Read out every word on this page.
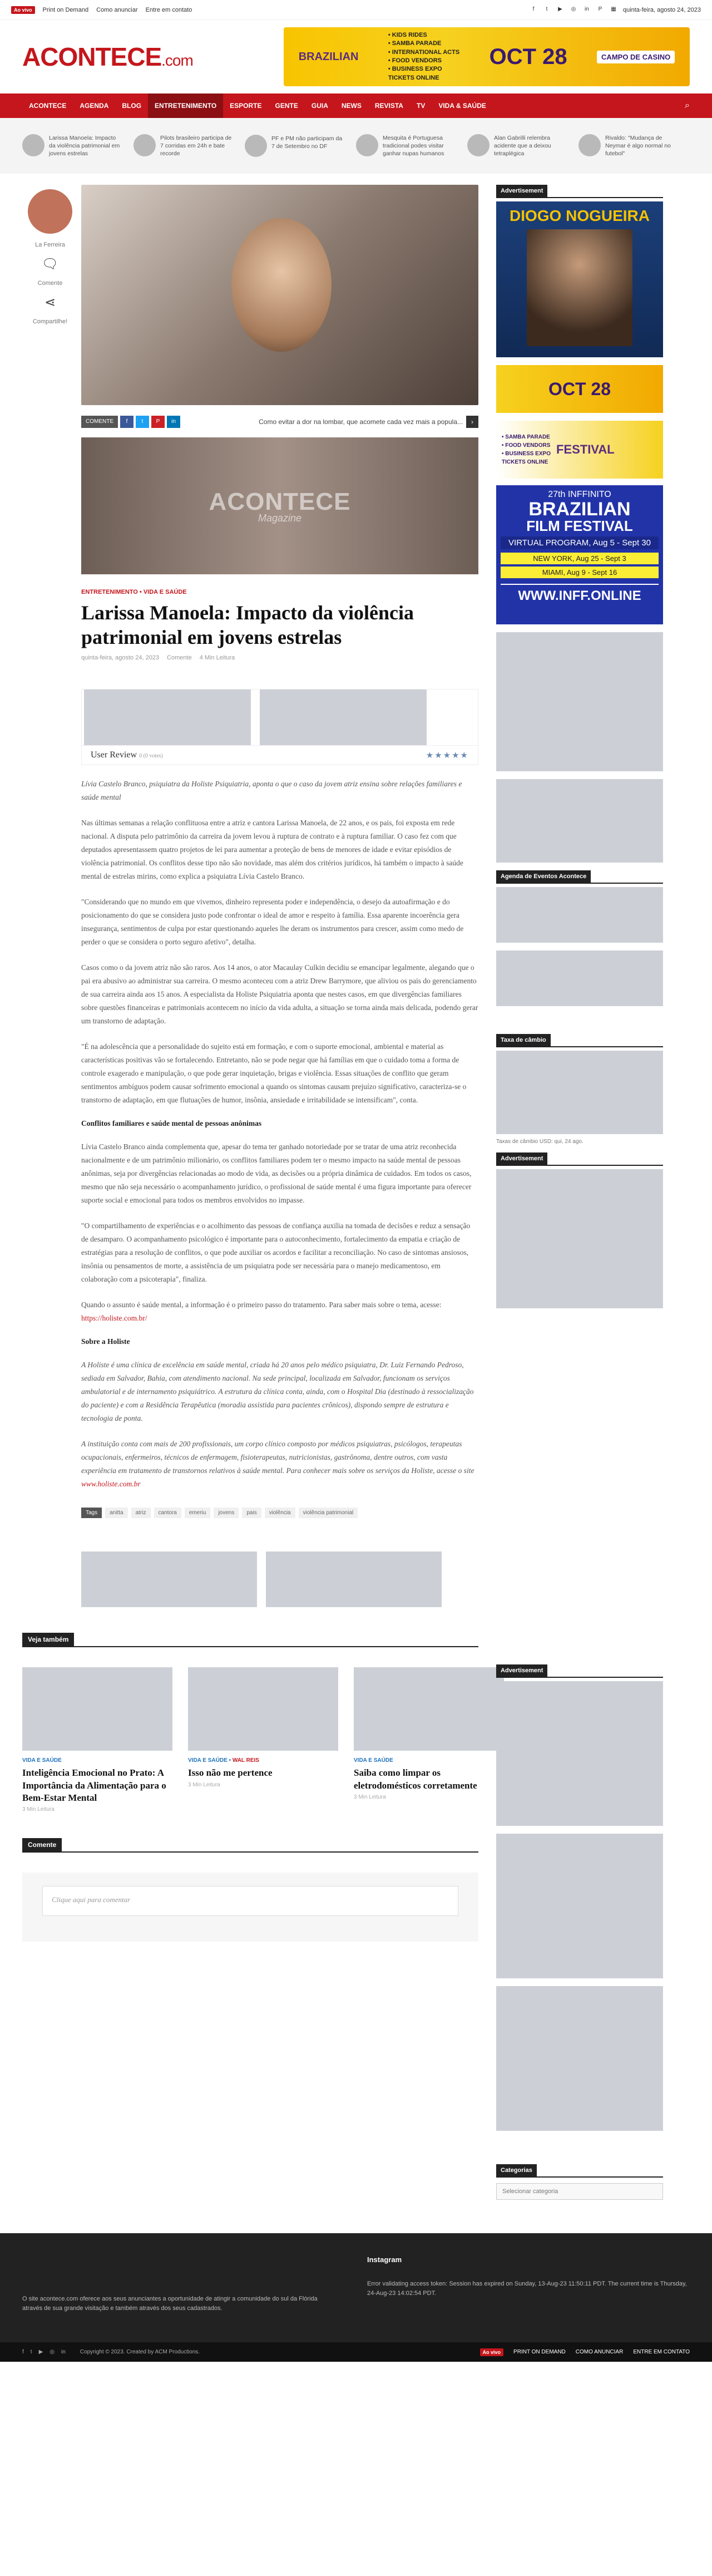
Ao vivo	Print on Demand Como anunciar Entre em contato	f	t	▶	◎	in	P	▦ quinta-feira, agosto 24, 2023
ACONTECE.com	BRAZILIAN
• KIDS RIDES
• SAMBA PARADE
• INTERNATIONAL ACTS
• FOOD VENDORS
• BUSINESS EXPO
TICKETS ONLINE
OCT 28	CAMPO DE CASINO
ACONTECE	AGENDA	BLOG	ENTRETENIMENTO	ESPORTE	GENTE	GUIA	NEWS	REVISTA	TV	VIDA & SAÚDE	⌕
Larissa Manoela: Impacto da violência patrimonial em jovens estrelas
Pilots brasileiro participa de 7 corridas em 24h e bate recorde
PF e PM não participam da 7 de Setembro no DF
Mesquita é Portuguesa tradicional podes visitar ganhar nupas humanos
Alan Gabrilli relembra acidente que a deixou tetraplégica
Rivaldo: "Mudança de Neymar é algo normal no futebol"
La Ferreira
🗨
Comente
⋖
Compartilhe!
COMENTE	f	t	P	in	Como evitar a dor na lombar, que acomete cada vez mais a popula...	›
ACONTECE
Magazine
ENTRETENIMENTO • VIDA E SAÚDE
Larissa Manoela: Impacto da violência patrimonial em jovens estrelas
quinta-feira, agosto 24, 2023 Comente 4 Min Leitura
User Review 0 (0 votes)	★★★★★

Lívia Castelo Branco, psiquiatra da Holiste Psiquiatria, aponta o que o caso da jovem atriz ensina sobre relações familiares e saúde mental

Nas últimas semanas a relação conflituosa entre a atriz e cantora Larissa Manoela, de 22 anos, e os pais, foi exposta em rede nacional. A disputa pelo patrimônio da carreira da jovem levou à ruptura de contrato e à ruptura familiar. O caso fez com que deputados apresentassem quatro projetos de lei para aumentar a proteção de bens de menores de idade e evitar episódios de violência patrimonial. Os conflitos desse tipo não são novidade, mas além dos critérios jurídicos, há também o impacto à saúde mental de estrelas mirins, como explica a psiquiatra Lívia Castelo Branco.

"Considerando que no mundo em que vivemos, dinheiro representa poder e independência, o desejo da autoafirmação e do posicionamento do que se considera justo pode confrontar o ideal de amor e respeito à família. Essa aparente incoerência gera insegurança, sentimentos de culpa por estar questionando aqueles lhe deram os instrumentos para crescer, assim como medo de perder o que se considera o porto seguro afetivo", detalha.

Casos como o da jovem atriz não são raros. Aos 14 anos, o ator Macaulay Culkin decidiu se emancipar legalmente, alegando que o pai era abusivo ao administrar sua carreira. O mesmo aconteceu com a atriz Drew Barrymore, que aliviou os pais do gerenciamento de sua carreira ainda aos 15 anos. A especialista da Holiste Psiquiatria aponta que nestes casos, em que divergências familiares sobre questões financeiras e patrimoniais acontecem no início da vida adulta, a situação se torna ainda mais delicada, podendo gerar um transtorno de adaptação.

"É na adolescência que a personalidade do sujeito está em formação, e com o suporte emocional, ambiental e material as características positivas vão se fortalecendo. Entretanto, não se pode negar que há famílias em que o cuidado toma a forma de controle exagerado e manipulação, o que pode gerar inquietação, brigas e violência. Essas situações de conflito que geram sentimentos ambíguos podem causar sofrimento emocional a quando os sintomas causam prejuízo significativo, caracteriza-se o transtorno de adaptação, em que flutuações de humor, insônia, ansiedade e irritabilidade se intensificam", conta.

Conflitos familiares e saúde mental de pessoas anônimas

Lívia Castelo Branco ainda complementa que, apesar do tema ter ganhado notoriedade por se tratar de uma atriz reconhecida nacionalmente e de um patrimônio milionário, os conflitos familiares podem ter o mesmo impacto na saúde mental de pessoas anônimas, seja por divergências relacionadas ao modo de vida, as decisões ou a própria dinâmica de cuidados. Em todos os casos, mesmo que não seja necessário o acompanhamento jurídico, o profissional de saúde mental é uma figura importante para oferecer suporte social e emocional para todos os membros envolvidos no impasse.

"O compartilhamento de experiências e o acolhimento das pessoas de confiança auxilia na tomada de decisões e reduz a sensação de desamparo. O acompanhamento psicológico é importante para o autoconhecimento, fortalecimento da empatia e criação de estratégias para a resolução de conflitos, o que pode auxiliar os acordos e facilitar a reconciliação. No caso de sintomas ansiosos, insônia ou pensamentos de morte, a assistência de um psiquiatra pode ser necessária para o manejo medicamentoso, em colaboração com a psicoterapia", finaliza.

Quando o assunto é saúde mental, a informação é o primeiro passo do tratamento. Para saber mais sobre o tema, acesse: https://holiste.com.br/

Sobre a Holiste

A Holiste é uma clínica de excelência em saúde mental, criada há 20 anos pelo médico psiquiatra, Dr. Luiz Fernando Pedroso, sediada em Salvador, Bahia, com atendimento nacional. Na sede principal, localizada em Salvador, funcionam os serviços ambulatorial e de internamento psiquiátrico. A estrutura da clínica conta, ainda, com o Hospital Dia (destinado à ressocialização do paciente) e com a Residência Terapêutica (moradia assistida para pacientes crônicos), dispondo sempre de estrutura e tecnologia de ponta.

A instituição conta com mais de 200 profissionais, um corpo clínico composto por médicos psiquiatras, psicólogos, terapeutas ocupacionais, enfermeiros, técnicos de enfermagem, fisioterapeutas, nutricionistas, gastrônoma, dentre outros, com vasta experiência em tratamento de transtornos relativos à saúde mental. Para conhecer mais sobre os serviços da Holiste, acesse o site www.holiste.com.br

Tags	anitta	atriz	cantora	emeriu	jovens	pais	violência	violência patrimonial
Veja também
VIDA E SAÚDE
Inteligência Emocional no Prato: A Importância da Alimentação para o Bem-Estar Mental
3 Min Leitura
VIDA E SAÚDE • WAL REIS
Isso não me pertence
3 Min Leitura
VIDA E SAÚDE
Saiba como limpar os eletrodomésticos corretamente
3 Min Leitura
Comente
Clique aqui para comentar
Advertisement
DIOGO NOGUEIRA
OCT 28
• SAMBA PARADE
• FOOD VENDORS
• BUSINESS EXPO
TICKETS ONLINE
FESTIVAL
27th INFFINITO
BRAZILIAN
FILM FESTIVAL
VIRTUAL PROGRAM, Aug 5 - Sept 30
NEW YORK, Aug 25 - Sept 3
MIAMI, Aug 9 - Sept 16
WWW.INFF.ONLINE
Agenda de Eventos Acontece
Taxa de câmbio
Taxas de câmbio USD: qui, 24 ago.
Advertisement
Advertisement
Categorias
Selecionar categoria
O site acontece.com oferece aos seus anunciantes a oportunidade de atingir a comunidade do sul da Flórida através de sua grande visitação e também através dos seus cadastrados.
Instagram
Error validating access token: Session has expired on Sunday, 13-Aug-23 11:50:11 PDT. The current time is Thursday, 24-Aug-23 14:02:54 PDT.
f t ▶ ◎ in	Copyright © 2023. Created by ACM Productions.	Ao vivo	PRINT ON DEMAND COMO ANUNCIAR ENTRE EM CONTATO
